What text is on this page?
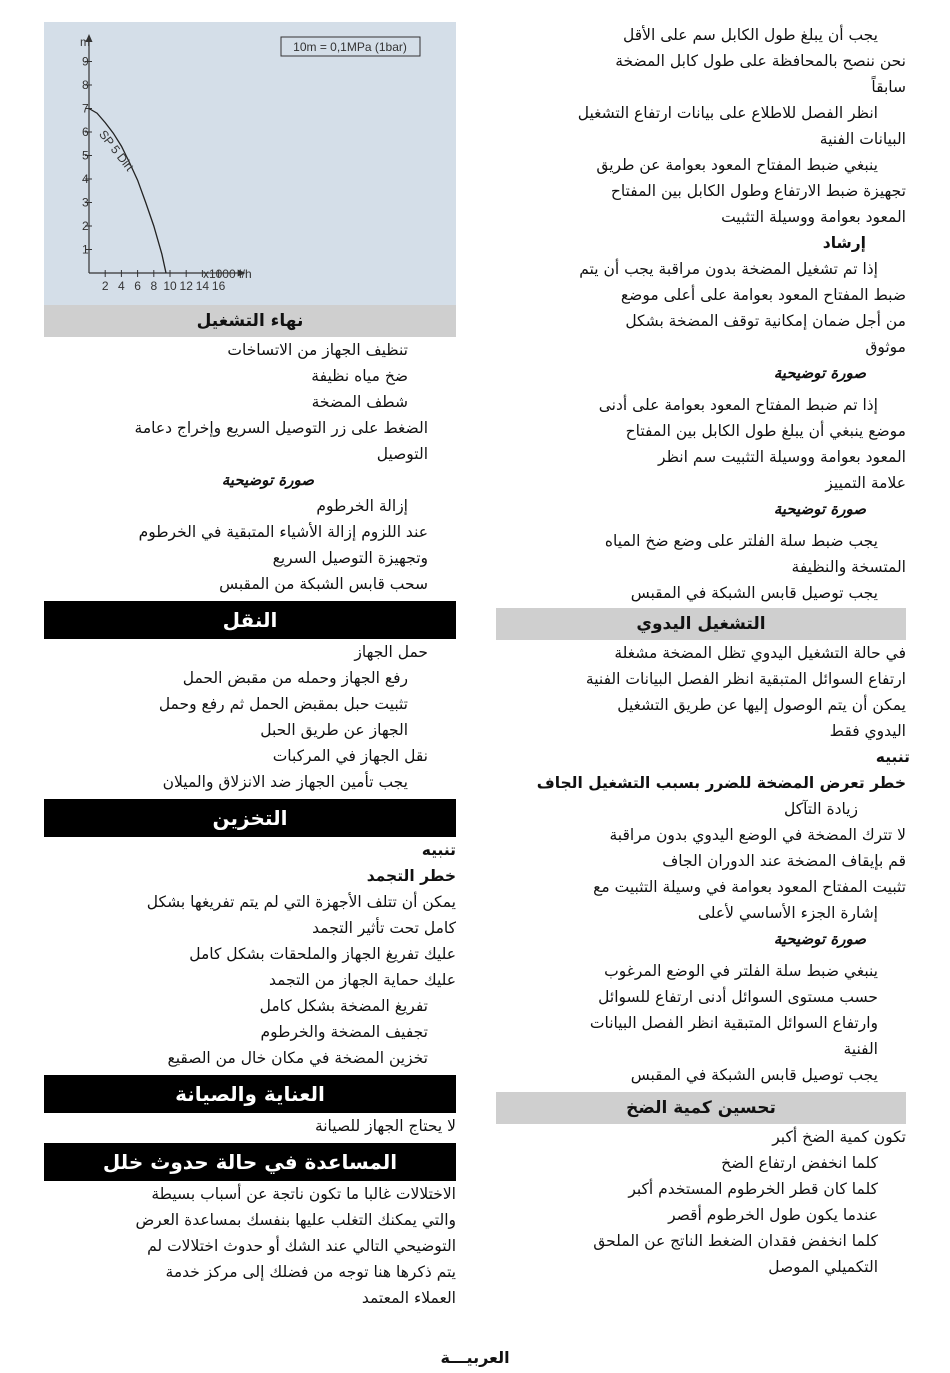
1
2
3
4
5
6
7
8
9
2 4 6 8 10 12 14 16
m
x1000 l/h
10m = 0,1MPa (1bar)
SP 5 Dirt
نهاء التشغيل
تنظيف الجهاز من الاتساخات
ضخ مياه نظيفة
شطف المضخة
الضغط على زر التوصيل السريع وإخراج دعامة
التوصيل
صورة توضيحية
إزالة الخرطوم
عند اللزوم إزالة الأشياء المتبقية في الخرطوم
وتجهيزة التوصيل السريع
سحب قابس الشبكة من المقبس
النقل
حمل الجهاز
رفع الجهاز وحمله من مقبض الحمل
تثبيت حبل بمقبض الحمل ثم رفع وحمل
الجهاز عن طريق الحبل
نقل الجهاز في المركبات
يجب تأمين الجهاز ضد الانزلاق والميلان
التخزين
تنبيه
خطر التجمد
يمكن أن تتلف الأجهزة التي لم يتم تفريغها بشكل
كامل تحت تأثير التجمد
عليك تفريغ الجهاز والملحقات بشكل كامل
عليك حماية الجهاز من التجمد
تفريغ المضخة بشكل كامل
تجفيف المضخة والخرطوم
تخزين المضخة في مكان خال من الصقيع
العناية والصيانة
لا يحتاج الجهاز للصيانة
المساعدة في حالة حدوث خلل
الاختلالات غالبا ما تكون ناتجة عن أسباب بسيطة
والتي يمكنك التغلب عليها بنفسك بمساعدة العرض
التوضيحي التالي عند الشك أو حدوث اختلالات لم
يتم ذكرها هنا توجه من فضلك إلى مركز خدمة
العملاء المعتمد
يجب أن يبلغ طول الكابل سم على الأقل
نحن ننصح بالمحافظة على طول كابل المضخة
سابقاً
انظر الفصل للاطلاع على بيانات ارتفاع التشغيل
البيانات الفنية
ينبغي ضبط المفتاح المعود بعوامة عن طريق
تجهيزة ضبط الارتفاع وطول الكابل بين المفتاح
المعود بعوامة ووسيلة التثبيت
إرشاد
إذا تم تشغيل المضخة بدون مراقبة يجب أن يتم
ضبط المفتاح المعود بعوامة على أعلى موضع
من أجل ضمان إمكانية توقف المضخة بشكل
موثوق
صورة توضيحية
إذا تم ضبط المفتاح المعود بعوامة على أدنى
موضع ينبغي أن يبلغ طول الكابل بين المفتاح
المعود بعوامة ووسيلة التثبيت سم انظر
علامة التمييز
صورة توضيحية
يجب ضبط سلة الفلتر على وضع ضخ المياه
المتسخة والنظيفة
يجب توصيل قابس الشبكة في المقبس
التشغيل اليدوي
في حالة التشغيل اليدوي تظل المضخة مشغلة
ارتفاع السوائل المتبقية انظر الفصل البيانات الفنية
يمكن أن يتم الوصول إليها عن طريق التشغيل
اليدوي فقط
تنبيه
خطر تعرض المضخة للضرر بسبب التشغيل الجاف
زيادة التآكل
لا تترك المضخة في الوضع اليدوي بدون مراقبة
قم بإيقاف المضخة عند الدوران الجاف
تثبيت المفتاح المعود بعوامة في وسيلة التثبيت مع
إشارة الجزء الأساسي لأعلى
صورة توضيحية
ينبغي ضبط سلة الفلتر في الوضع المرغوب
حسب مستوى السوائل أدنى ارتفاع للسوائل
وارتفاع السوائل المتبقية انظر الفصل البيانات
الفنية
يجب توصيل قابس الشبكة في المقبس
تحسين كمية الضخ
تكون كمية الضخ أكبر
كلما انخفض ارتفاع الضخ
كلما كان قطر الخرطوم المستخدم أكبر
عندما يكون طول الخرطوم أقصر
كلما انخفض فقدان الضغط الناتج عن الملحق
التكميلي الموصل
العربيـــة
